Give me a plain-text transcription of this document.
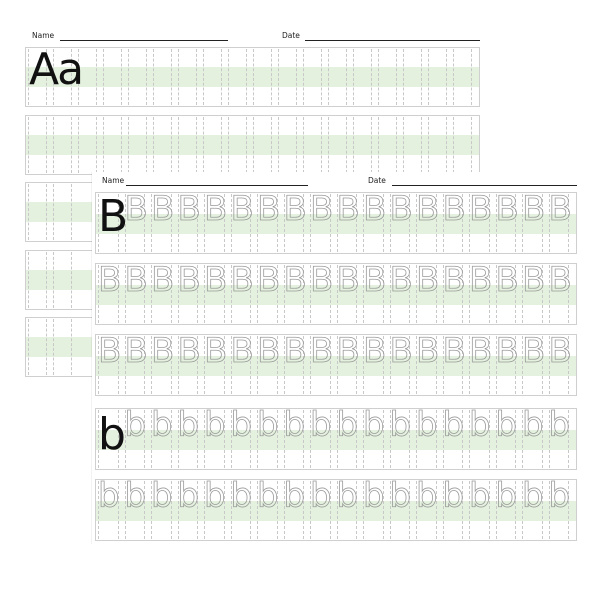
Name	Date
Aa
Name	Date
B B B B B B B B B B B B B B B B B
B B B B B B B B B B B B B B B B B B
B B B B B B B B B B B B B B B B B B
b b b b b b b b b b b b b b b b b
b b b b b b b b b b b b b b b b b b
B
b
